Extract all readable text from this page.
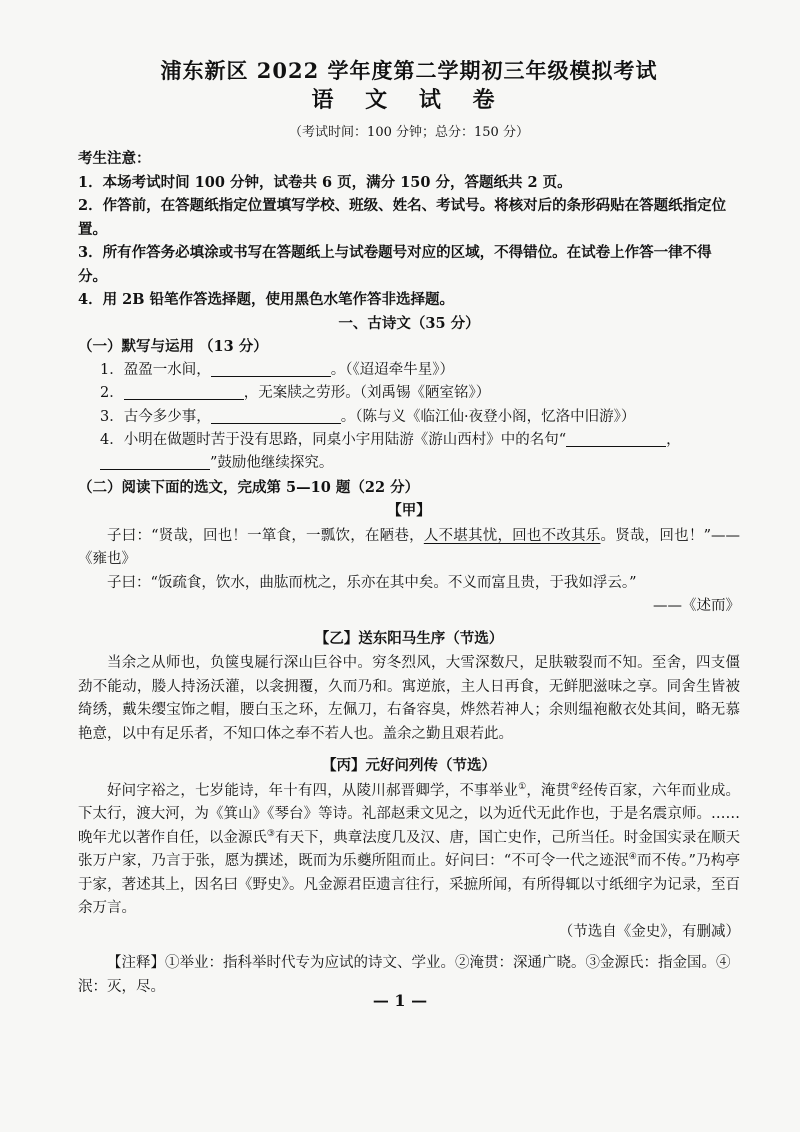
浦东新区 2022 学年度第二学期初三年级模拟考试
语 文 试 卷
（考试时间：100 分钟；总分：150 分）
考生注意：

1．本场考试时间 100 分钟，试卷共 6 页，满分 150 分，答题纸共 2 页。

2．作答前，在答题纸指定位置填写学校、班级、姓名、考试号。将核对后的条形码贴在答题纸指定位置。

3．所有作答务必填涂或书写在答题纸上与试卷题号对应的区域，不得错位。在试卷上作答一律不得分。

4．用 2B 铅笔作答选择题，使用黑色水笔作答非选择题。

一、古诗文（35 分）
（一）默写与运用 （13 分）

1．盈盈一水间，	。（《迢迢牵牛星》）

2．	，无案牍之劳形。（刘禹锡《陋室铭》）

3．古今多少事，	。（陈与义《临江仙·夜登小阁，忆洛中旧游》）

4．小明在做题时苦于没有思路，同桌小宇用陆游《游山西村》中的名句“	，
”鼓励他继续探究。

（二）阅读下面的选文，完成第 5—10 题（22 分）
【甲】

子曰：“贤哉，回也！一箪食，一瓢饮，在陋巷，人不堪其忧，回也不改其乐。贤哉，回也！”——《雍也》

子曰：“饭疏食，饮水，曲肱而枕之，乐亦在其中矣。不义而富且贵，于我如浮云。”

——《述而》

【乙】送东阳马生序（节选）

当余之从师也，负箧曳屣行深山巨谷中。穷冬烈风，大雪深数尺，足肤皲裂而不知。至舍，四支僵劲不能动，媵人持汤沃灌，以衾拥覆，久而乃和。寓逆旅，主人日再食，无鲜肥滋味之享。同舍生皆被绮绣，戴朱缨宝饰之帽，腰白玉之环，左佩刀，右备容臭，烨然若神人；余则缊袍敝衣处其间，略无慕艳意，以中有足乐者，不知口体之奉不若人也。盖余之勤且艰若此。

【丙】元好问列传（节选）

好问字裕之，七岁能诗，年十有四，从陵川郝晋卿学，不事举业①，淹贯②经传百家，六年而业成。下太行，渡大河，为《箕山》《琴台》等诗。礼部赵秉文见之，以为近代无此作也，于是名震京师。……晚年尤以著作自任，以金源氏③有天下，典章法度几及汉、唐，国亡史作，己所当任。时金国实录在顺天张万户家，乃言于张，愿为撰述，既而为乐夔所阻而止。好问曰：“不可令一代之迹泯④而不传。”乃构亭于家，著述其上，因名曰《野史》。凡金源君臣遗言往行，采摭所闻，有所得辄以寸纸细字为记录，至百余万言。

（节选自《金史》，有删减）

【注释】①举业：指科举时代专为应试的诗文、学业。②淹贯：深通广晓。③金源氏：指金国。④泯：灭，尽。

— 1 —
